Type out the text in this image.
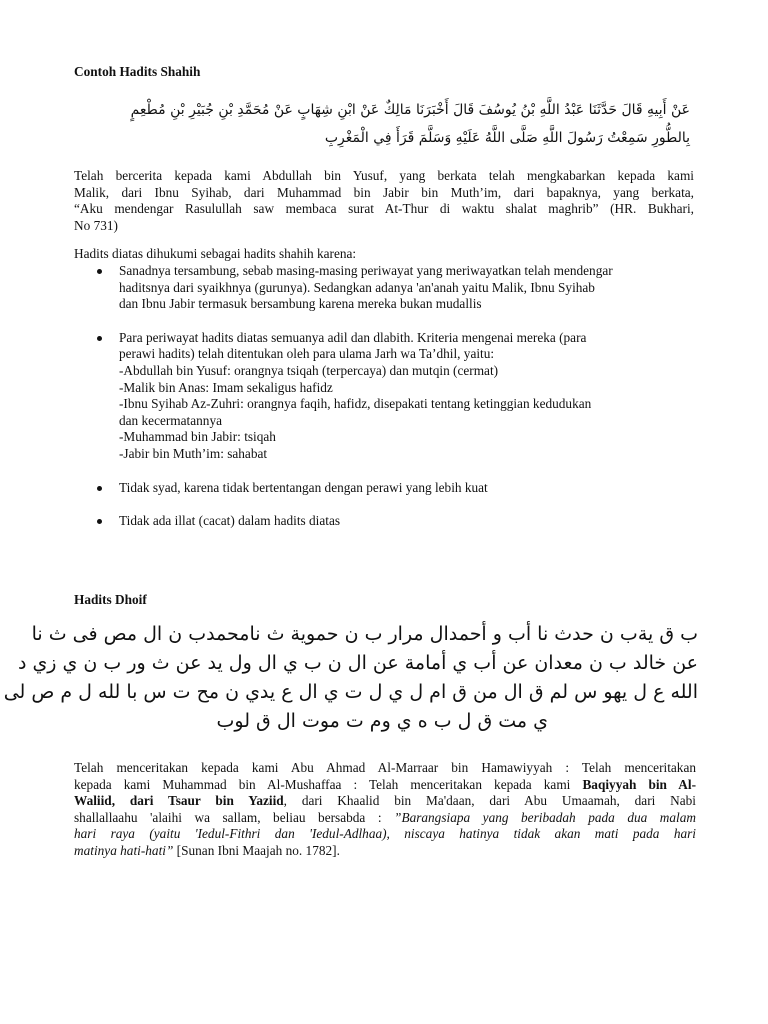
Contoh Hadits Shahih
عَنْ أَبِيهِ قَالَ حَدَّثَنَا عَبْدُ اللَّهِ بْنُ يُوسُفَ قَالَ أَخْبَرَنَا مَالِكٌ عَنْ ابْنِ شِهَابٍ عَنْ مُحَمَّدِ بْنِ جُبَيْرِ بْنِ مُطْعِمٍ
بِالطُّورِ سَمِعْتُ رَسُولَ اللَّهِ صَلَّى اللَّهُ عَلَيْهِ وَسَلَّمَ قَرَأَ فِي الْمَغْرِبِ
Telah bercerita kepada kami Abdullah bin Yusuf, yang berkata telah mengkabarkan kepada kami
Malik, dari Ibnu Syihab, dari Muhammad bin Jabir bin Muth’im, dari bapaknya, yang berkata,
“Aku mendengar Rasulullah saw membaca surat At-Thur di waktu shalat maghrib” (HR. Bukhari,
No 731)
Hadits diatas dihukumi sebagai hadits shahih karena:
Sanadnya tersambung, sebab masing-masing periwayat yang meriwayatkan telah mendengar
haditsnya dari syaikhnya (gurunya). Sedangkan adanya 'an'anah yaitu Malik, Ibnu Syihab
dan Ibnu Jabir termasuk bersambung karena mereka bukan mudallis
Para periwayat hadits diatas semuanya adil dan dlabith. Kriteria mengenai mereka (para
perawi hadits) telah ditentukan oleh para ulama Jarh wa Ta’dhil, yaitu:
-Abdullah bin Yusuf: orangnya tsiqah (terpercaya) dan mutqin (cermat)
-Malik bin Anas: Imam sekaligus hafidz
-Ibnu Syihab Az-Zuhri: orangnya faqih, hafidz, disepakati tentang ketinggian kedudukan
dan kecermatannya
-Muhammad bin Jabir: tsiqah
-Jabir bin Muth’im: sahabat
Tidak syad, karena tidak bertentangan dengan perawi yang lebih kuat
Tidak ada illat (cacat) dalam hadits diatas
Hadits Dhoif
ب ق يةب ن حدث نا أب و أحمدال مرار ب ن حموية ث نامحمدب ن ال مص فى ث نا
عن خالد ب ن معدان عن أب ي أمامة عن ال ن ب ي ال ول يد عن ث ور ب ن ي زي د
الله ع ل يهو س لم ق ال من ق ام ل ي ل ت ي ال ع يدي ن مح ت س با لله ل م ص لى
ي مت ق ل ب ه ي وم ت موت ال ق لوب
Telah menceritakan kepada kami Abu Ahmad Al-Marraar bin Hamawiyyah : Telah menceritakan
kepada kami Muhammad bin Al-Mushaffaa : Telah menceritakan kepada kami Baqiyyah bin Al-
Waliid, dari Tsaur bin Yaziid, dari Khaalid bin Ma'daan, dari Abu Umaamah, dari Nabi
shallallaahu 'alaihi wa sallam, beliau bersabda : ”Barangsiapa yang beribadah pada dua malam
hari raya (yaitu 'Iedul-Fithri dan 'Iedul-Adlhaa), niscaya hatinya tidak akan mati pada hari
matinya hati-hati” [Sunan Ibni Maajah no. 1782].
